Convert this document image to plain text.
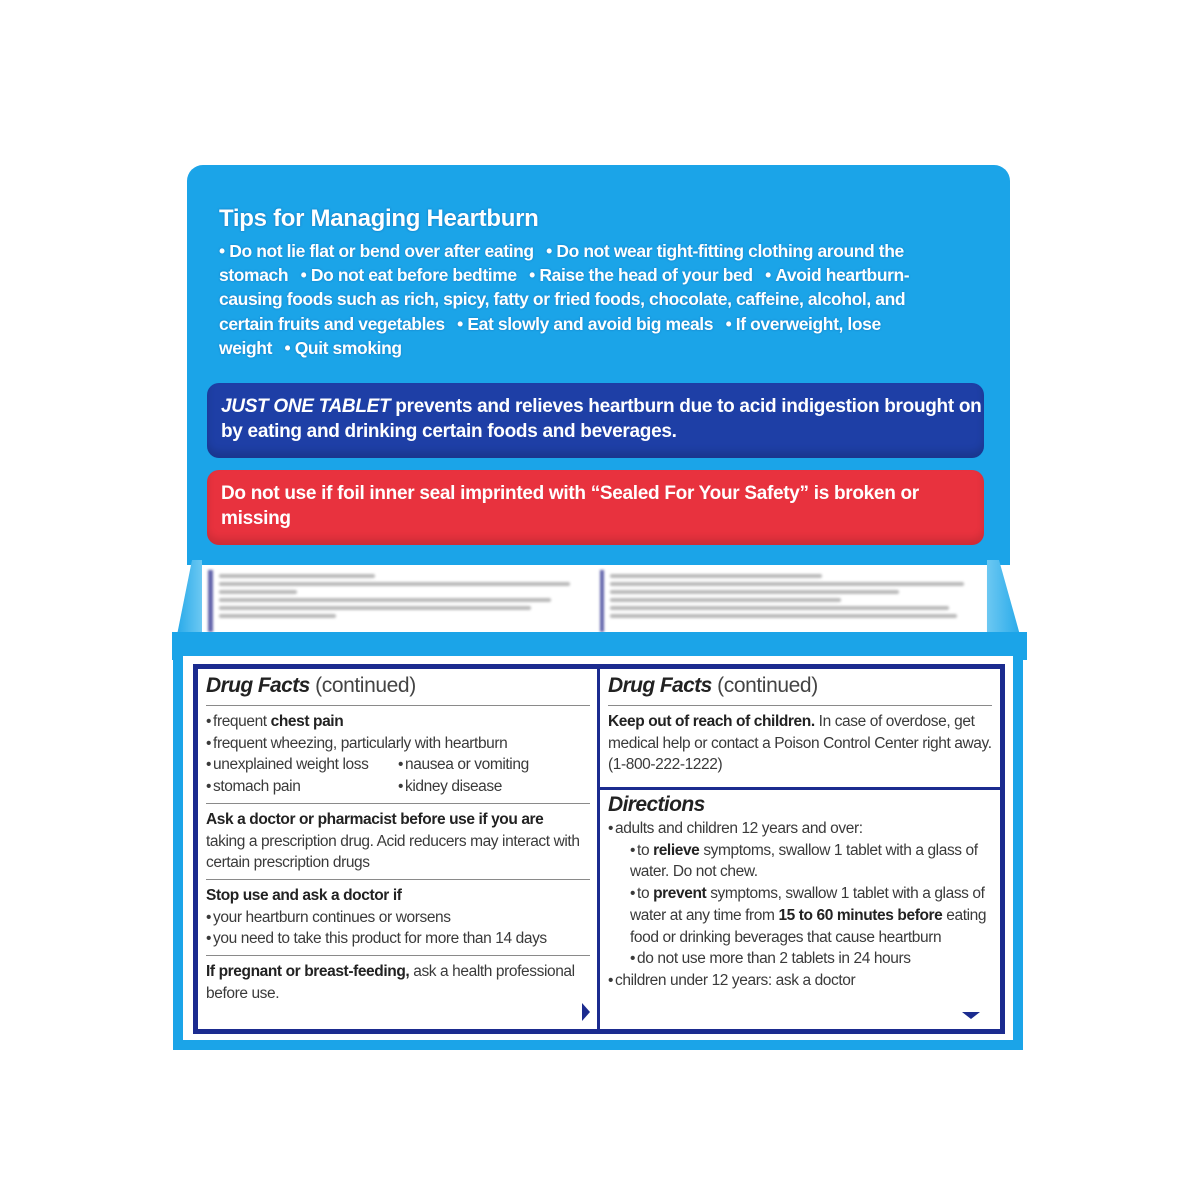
Tips for Managing Heartburn

• Do not lie flat or bend over after eating • Do not wear tight-fitting clothing around the stomach • Do not eat before bedtime • Raise the head of your bed • Avoid heartburn-causing foods such as rich, spicy, fatty or fried foods, chocolate, caffeine, alcohol, and certain fruits and vegetables • Eat slowly and avoid big meals • If overweight, lose weight • Quit smoking

JUST ONE TABLET prevents and relieves heartburn due to acid indigestion brought on by eating and drinking certain foods and beverages.
Do not use if foil inner seal imprinted with “Sealed For Your Safety” is broken or missing
Drug Facts (continued)
• frequent chest pain
• frequent wheezing, particularly with heartburn
• unexplained weight loss	• nausea or vomiting
• stomach pain	• kidney disease
Ask a doctor or pharmacist before use if you are
taking a prescription drug. Acid reducers may interact with certain prescription drugs
Stop use and ask a doctor if
• your heartburn continues or worsens
• you need to take this product for more than 14 days
If pregnant or breast-feeding, ask a health professional before use.
Drug Facts (continued)
Keep out of reach of children. In case of overdose, get medical help or contact a Poison Control Center right away. (1-800-222-1222)
Directions
• adults and children 12 years and over:
• to relieve symptoms, swallow 1 tablet with a glass of water. Do not chew.
• to prevent symptoms, swallow 1 tablet with a glass of water at any time from 15 to 60 minutes before eating food or drinking beverages that cause heartburn
• do not use more than 2 tablets in 24 hours
• children under 12 years: ask a doctor
